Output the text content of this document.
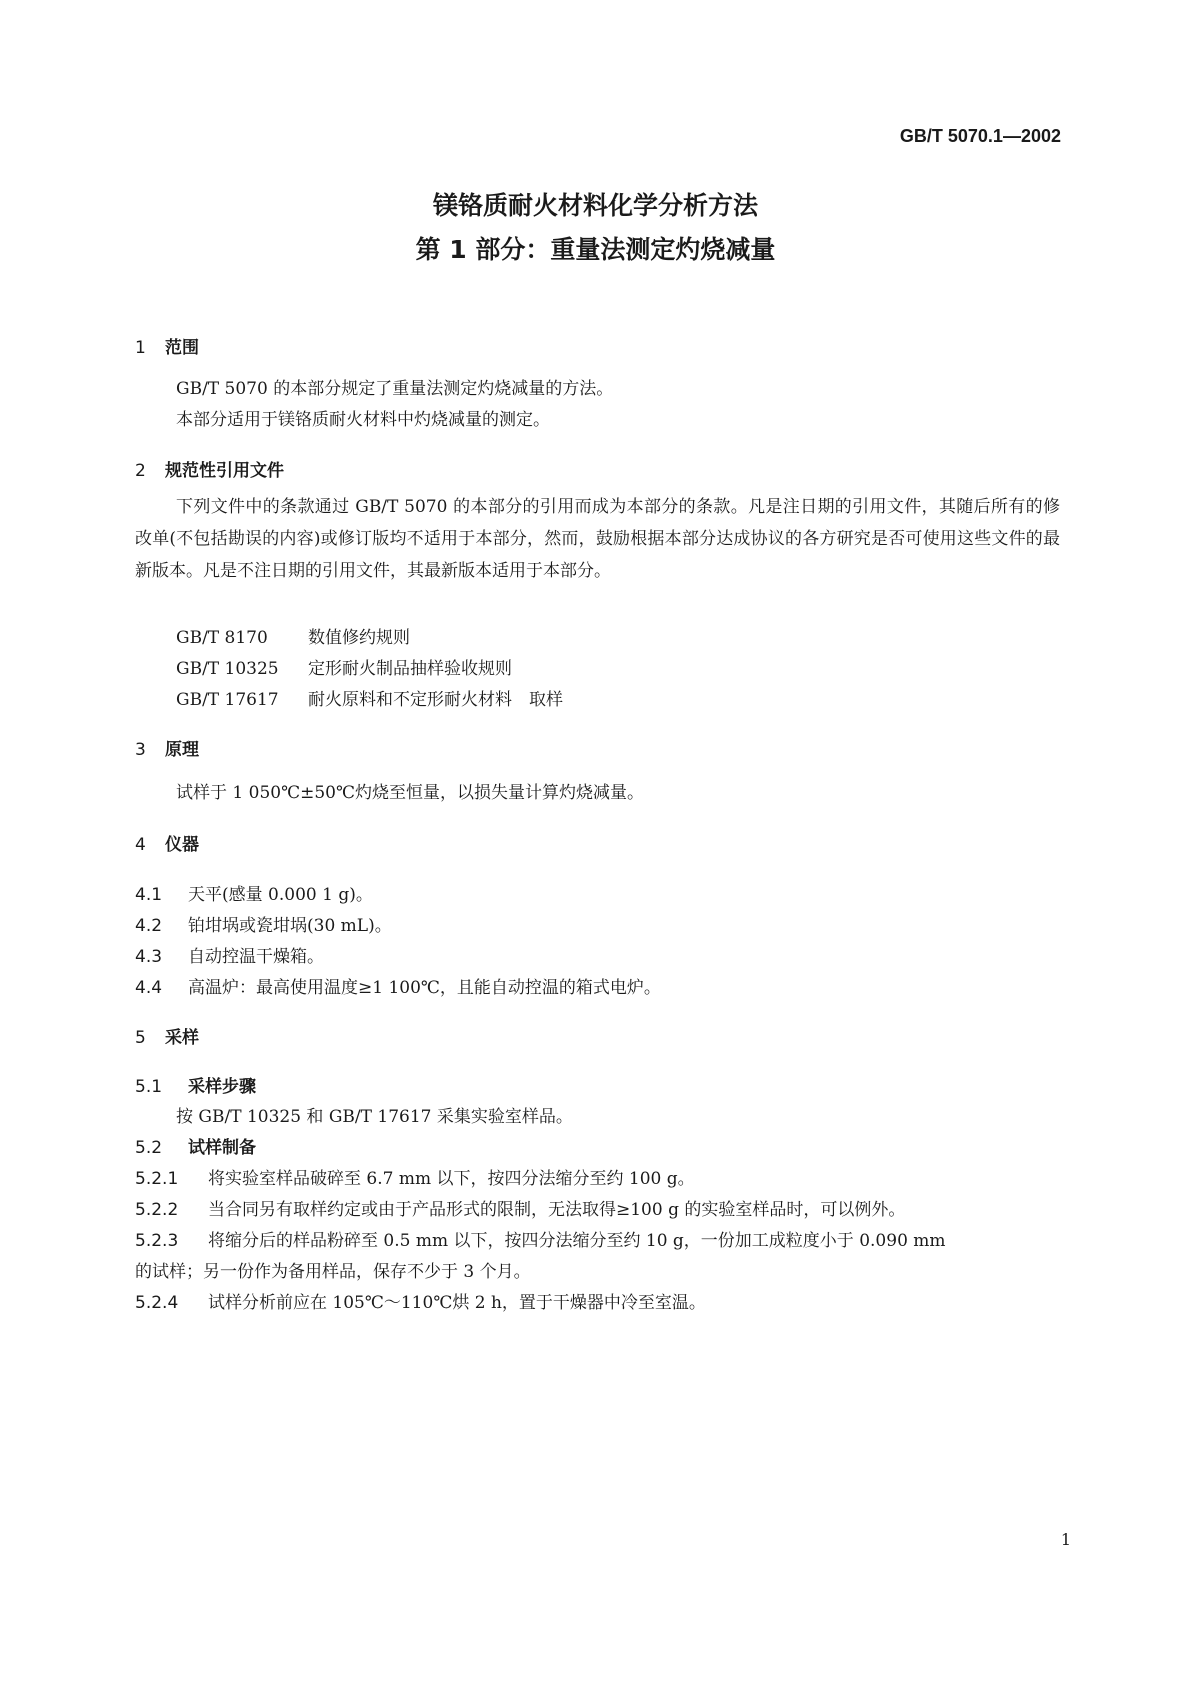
GB/T 5070.1—2002
镁铬质耐火材料化学分析方法
第 1 部分：重量法测定灼烧减量
1 范围
GB/T 5070 的本部分规定了重量法测定灼烧减量的方法。
本部分适用于镁铬质耐火材料中灼烧减量的测定。
2 规范性引用文件
下列文件中的条款通过 GB/T 5070 的本部分的引用而成为本部分的条款。凡是注日期的引用文件，其随后所有的修改单(不包括勘误的内容)或修订版均不适用于本部分，然而，鼓励根据本部分达成协议的各方研究是否可使用这些文件的最新版本。凡是不注日期的引用文件，其最新版本适用于本部分。
GB/T 8170 数值修约规则
GB/T 10325 定形耐火制品抽样验收规则
GB/T 17617 耐火原料和不定形耐火材料　取样
3 原理
试样于 1 050℃±50℃灼烧至恒量，以损失量计算灼烧减量。
4 仪器
4.1 天平(感量 0.000 1 g)。
4.2 铂坩埚或瓷坩埚(30 mL)。
4.3 自动控温干燥箱。
4.4 高温炉：最高使用温度≥1 100℃，且能自动控温的箱式电炉。
5 采样
5.1 采样步骤
按 GB/T 10325 和 GB/T 17617 采集实验室样品。
5.2 试样制备
5.2.1 将实验室样品破碎至 6.7 mm 以下，按四分法缩分至约 100 g。
5.2.2 当合同另有取样约定或由于产品形式的限制，无法取得≥100 g 的实验室样品时，可以例外。
5.2.3 将缩分后的样品粉碎至 0.5 mm 以下，按四分法缩分至约 10 g，一份加工成粒度小于 0.090 mm
的试样；另一份作为备用样品，保存不少于 3 个月。
5.2.4 试样分析前应在 105℃～110℃烘 2 h，置于干燥器中冷至室温。
1
